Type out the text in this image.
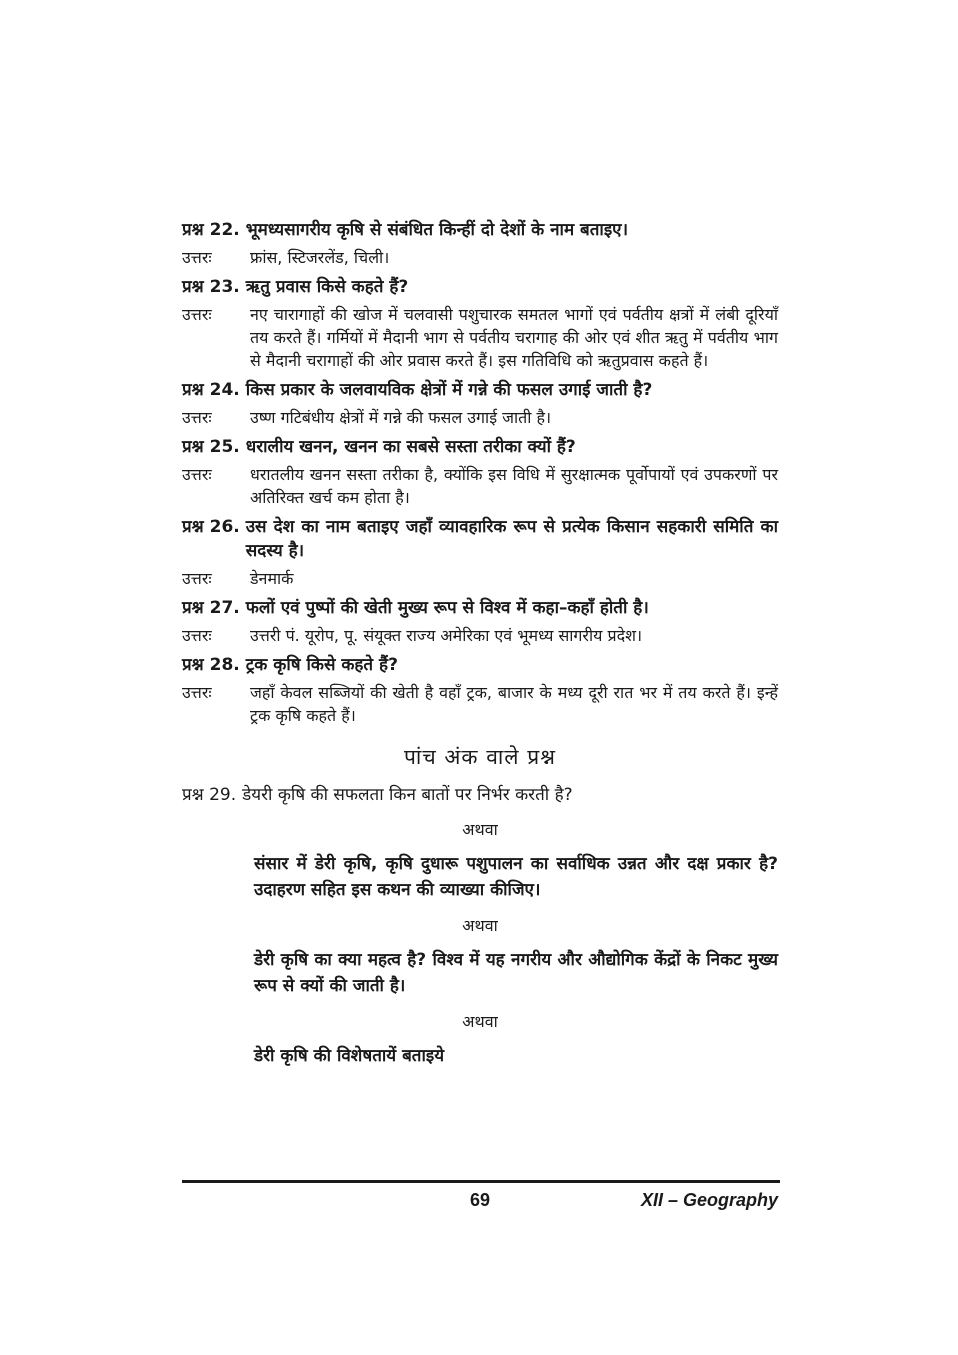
प्रश्न 22. भूमध्यसागरीय कृषि से संबंधित किन्हीं दो देशों के नाम बताइए।
उत्तरः	फ्रांस, स्टिजरलेंड, चिली।
प्रश्न 23. ऋतु प्रवास किसे कहते हैं?
उत्तरः	नए चारागाहों की खोज में चलवासी पशुचारक समतल भागों एवं पर्वतीय क्षत्रों में लंबी दूरियाँ तय करते हैं। गर्मियों में मैदानी भाग से पर्वतीय चरागाह की ओर एवं शीत ऋतु में पर्वतीय भाग से मैदानी चरागाहों की ओर प्रवास करते हैं। इस गतिविधि को ऋतुप्रवास कहते हैं।
प्रश्न 24. किस प्रकार के जलवायविक क्षेत्रों में गन्ने की फसल उगाई जाती है?
उत्तरः	उष्ण गटिबंधीय क्षेत्रों में गन्ने की फसल उगाई जाती है।
प्रश्न 25. धरालीय खनन, खनन का सबसे सस्ता तरीका क्यों हैं?
उत्तरः	धरातलीय खनन सस्ता तरीका है, क्योंकि इस विधि में सुरक्षात्मक पूर्वोपायों एवं उपकरणों पर अतिरिक्त खर्च कम होता है।
प्रश्न 26. उस देश का नाम बताइए जहाँ व्यावहारिक रूप से प्रत्येक किसान सहकारी समिति का सदस्य है।
उत्तरः	डेनमार्क
प्रश्न 27. फलों एवं पुष्पों की खेती मुख्य रूप से विश्व में कहा–कहाँ होती है।
उत्तरः	उत्तरी पं. यूरोप, पू. संयूक्त राज्य अमेरिका एवं भूमध्य सागरीय प्रदेश।
प्रश्न 28. ट्रक कृषि किसे कहते हैं?
उत्तरः	जहाँ केवल सब्जियों की खेती है वहाँ ट्रक, बाजार के मध्य दूरी रात भर में तय करते हैं। इन्हें ट्रक कृषि कहते हैं।
पांच अंक वाले प्रश्न
प्रश्न 29. डेयरी कृषि की सफलता किन बातों पर निर्भर करती है?
अथवा
संसार में डेरी कृषि, कृषि दुधारू पशुपालन का सर्वाधिक उन्नत और दक्ष प्रकार है? उदाहरण सहित इस कथन की व्याख्या कीजिए।
अथवा
डेरी कृषि का क्या महत्व है? विश्व में यह नगरीय और औद्योगिक केंद्रों के निकट मुख्य रूप से क्यों की जाती है।
अथवा
डेरी कृषि की विशेषतायें बताइये
69	XII – Geography
